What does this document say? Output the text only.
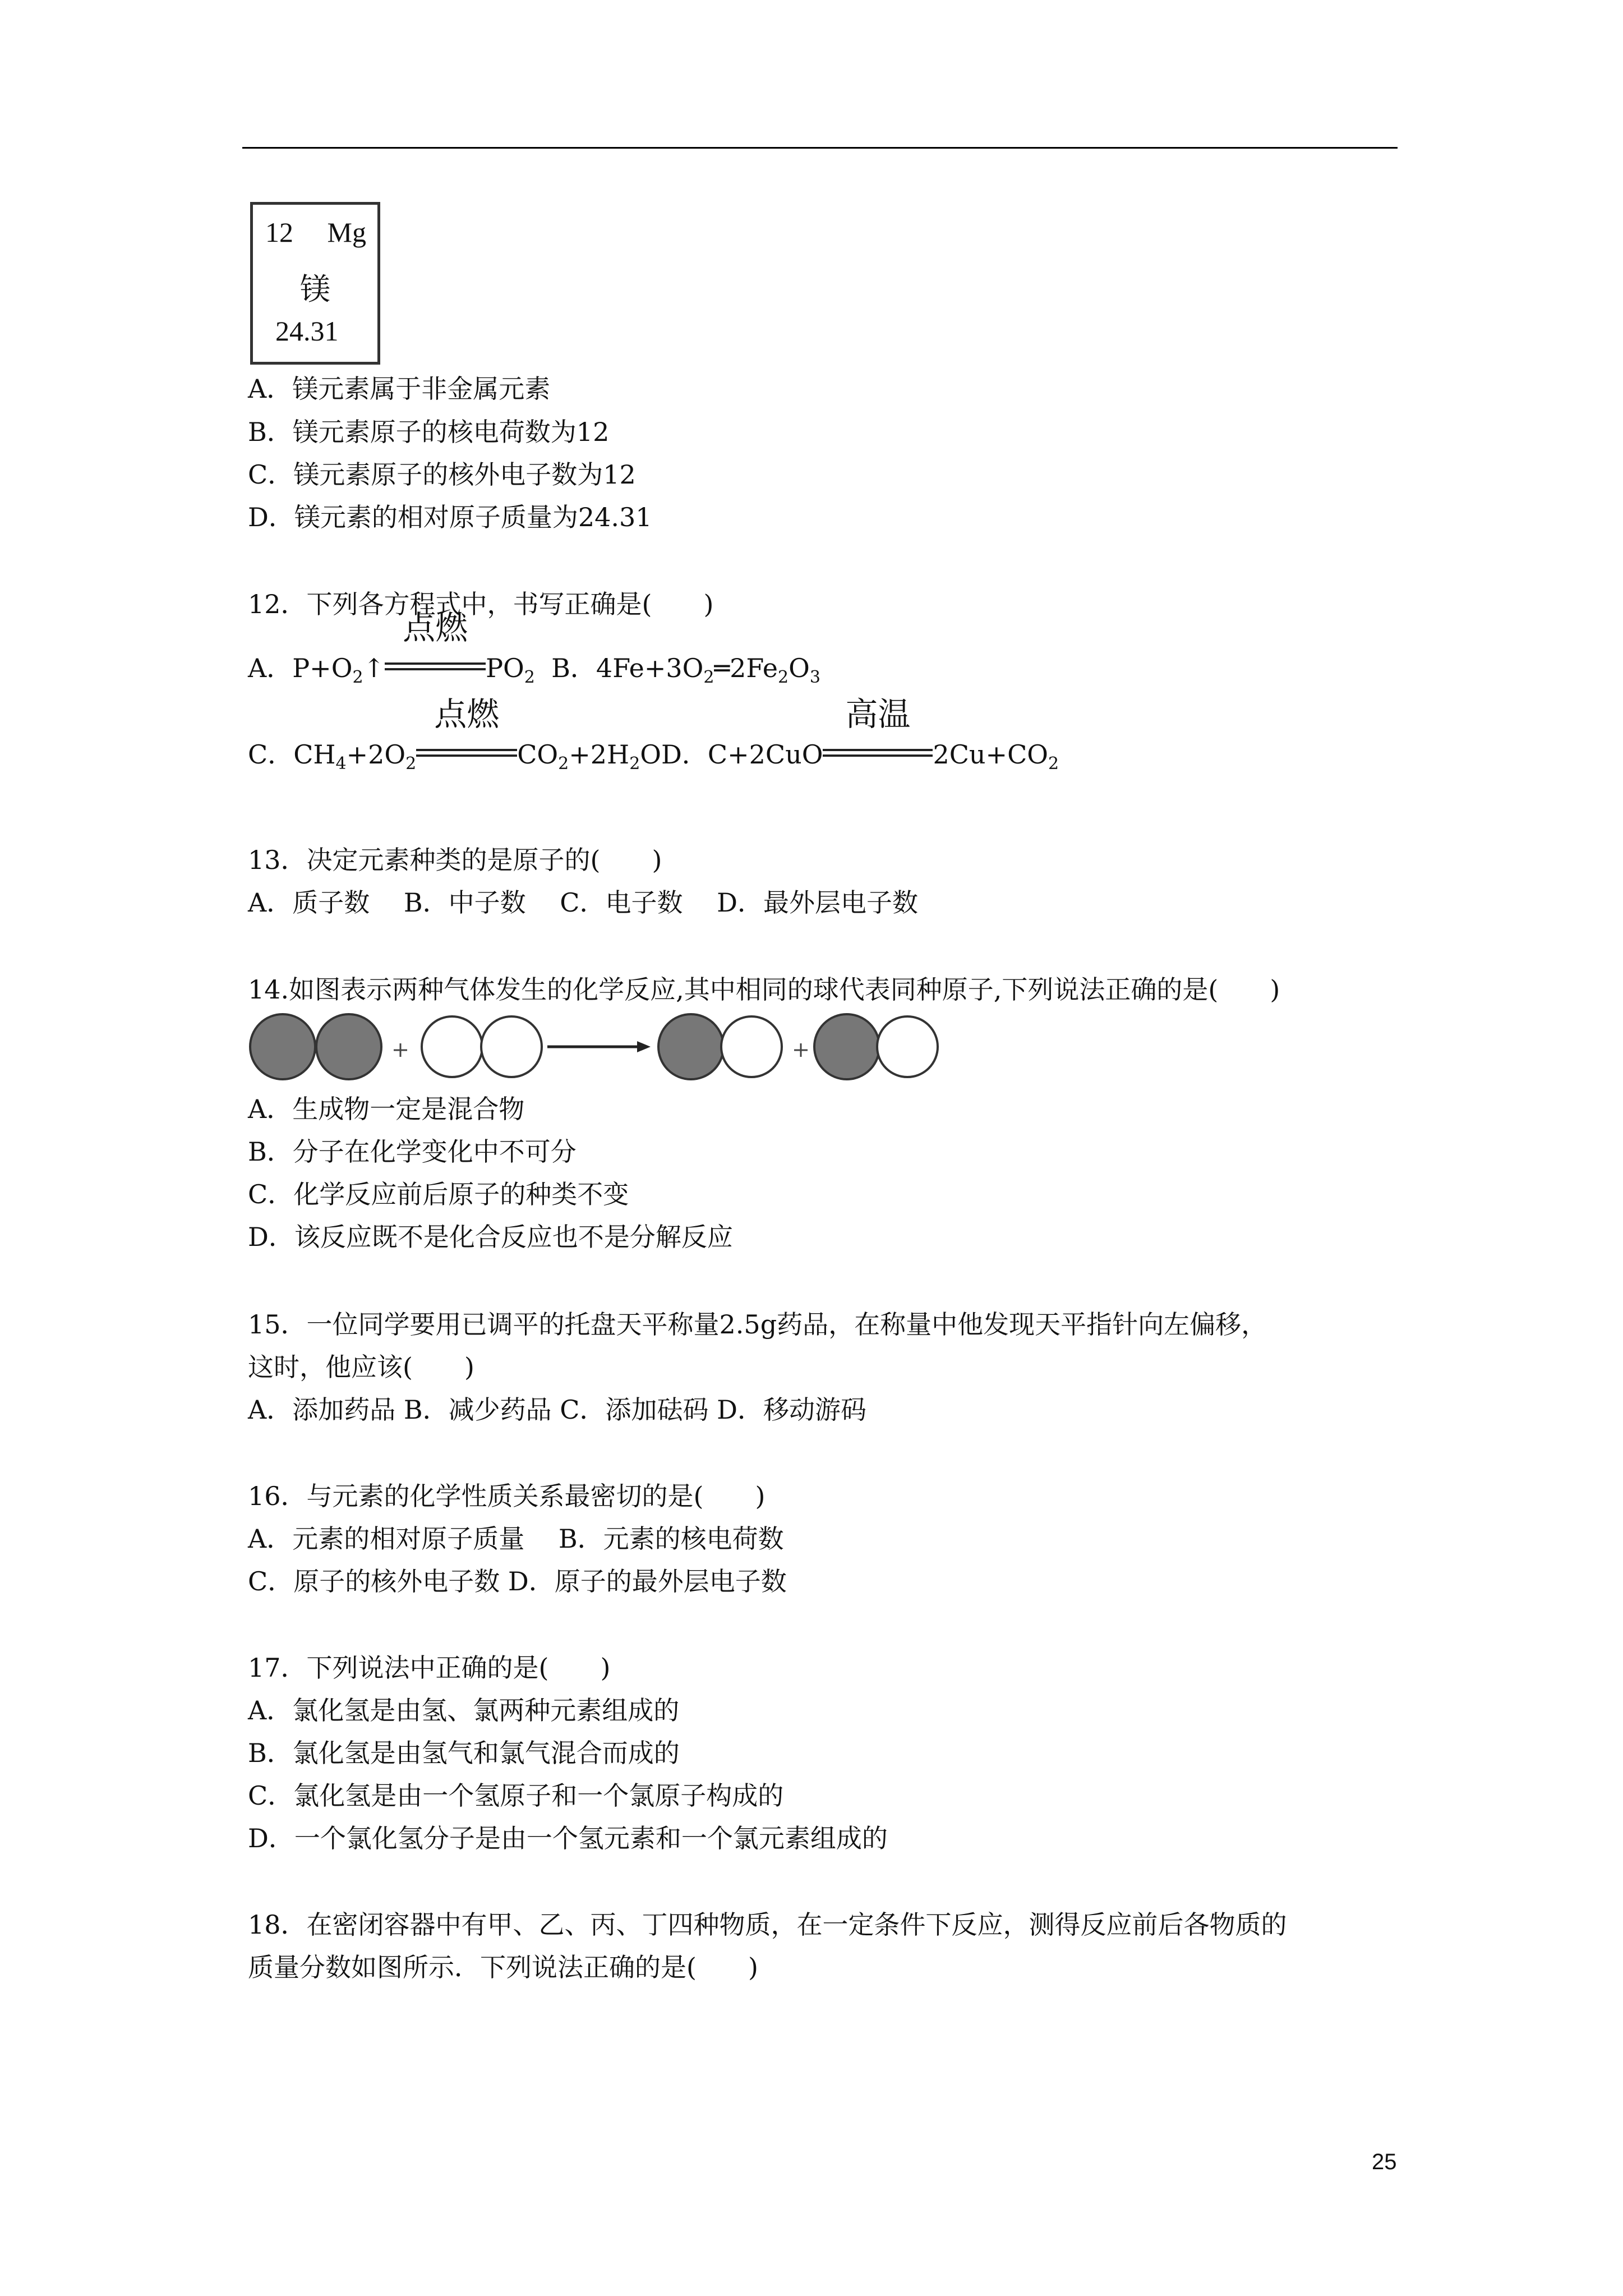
12 Mg
镁
24.31
A．镁元素属于非金属元素
B．镁元素原子的核电荷数为12
C．镁元素原子的核外电子数为12
D．镁元素的相对原子质量为24.31
12．下列各方程式中，书写正确是(　　)
A．$P+O_2↑$
点燃
$PO_2$ B．$4Fe+3O_2═2Fe_2O_3$
C．$CH_4+2O_2$
点燃
$CO_2+2H_2OD$．C+2CuO
高温
$2Cu+CO_2$
13．决定元素种类的是原子的(　　)
A．质子数　 B．中子数　 C．电子数　 D．最外层电子数
14.如图表示两种气体发生的化学反应,其中相同的球代表同种原子,下列说法正确的是(　　)
A．生成物一定是混合物
B．分子在化学变化中不可分
C．化学反应前后原子的种类不变
D．该反应既不是化合反应也不是分解反应
15．一位同学要用已调平的托盘天平称量2.5g药品，在称量中他发现天平指针向左偏移，
这时，他应该(　　)
A．添加药品 B．减少药品 C．添加砝码 D．移动游码
16．与元素的化学性质关系最密切的是(　　)
A．元素的相对原子质量　 B．元素的核电荷数
C．原子的核外电子数 D．原子的最外层电子数
17．下列说法中正确的是(　　)
A．氯化氢是由氢、氯两种元素组成的
B．氯化氢是由氢气和氯气混合而成的
C．氯化氢是由一个氢原子和一个氯原子构成的
D．一个氯化氢分子是由一个氢元素和一个氯元素组成的
18．在密闭容器中有甲、乙、丙、丁四种物质，在一定条件下反应，测得反应前后各物质的
质量分数如图所示．下列说法正确的是(　　)
25
